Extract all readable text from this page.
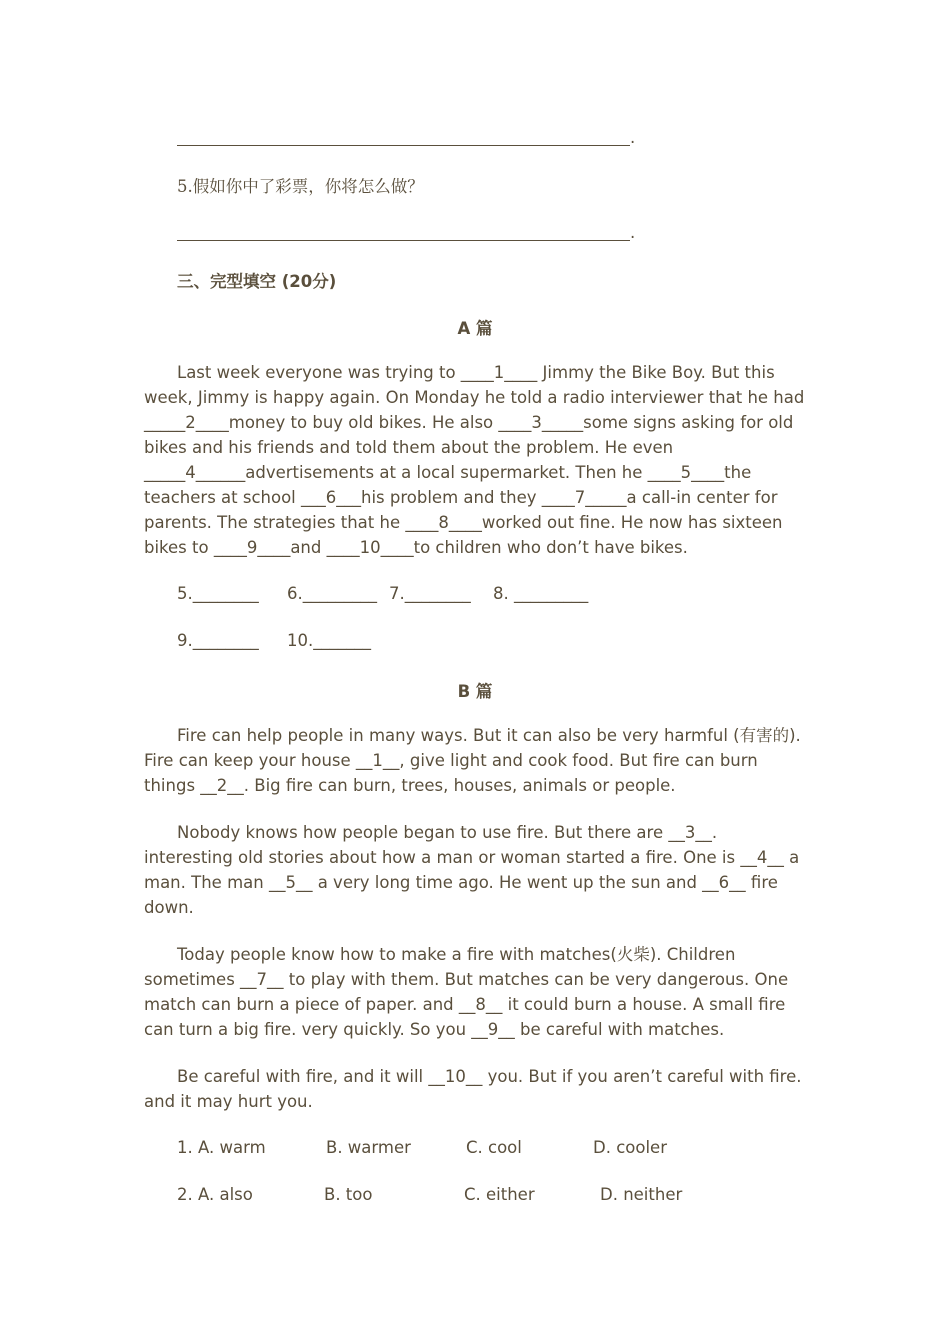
.
5.假如你中了彩票，你将怎么做？
.
三、完型填空 (20分)
A 篇
Last week everyone was trying to ____1____ Jimmy the Bike Boy. But this week, Jimmy is happy again. On Monday he told a radio interviewer that he had _____2____money to buy old bikes. He also ____3_____some signs asking for old bikes and his friends and told them about the problem. He even _____4______advertisements at a local supermarket. Then he ____5____the teachers at school ___6___his problem and they ____7_____a call-in center for parents. The strategies that he ____8____worked out fine. He now has sixteen bikes to ____9____and ____10____to children who don’t have bikes.
5.________ 6._________ 7.________ 8. _________
9.________ 10._______
B 篇
Fire can help people in many ways. But it can also be very harmful (有害的). Fire can keep your house __1__, give light and cook food. But fire can burn things __2__. Big fire can burn, trees, houses, animals or people.
Nobody knows how people began to use fire. But there are __3__. interesting old stories about how a man or woman started a fire. One is __4__ a man. The man __5__ a very long time ago. He went up the sun and __6__ fire down.
Today people know how to make a fire with matches(火柴). Children sometimes __7__ to play with them. But matches can be very dangerous. One match can burn a piece of paper. and __8__ it could burn a house. A small fire can turn a big fire. very quickly. So you __9__ be careful with matches.
Be careful with fire, and it will __10__ you. But if you aren’t careful with fire. and it may hurt you.
1. A. warm	B. warmer	C. cool	D. cooler
2. A. also	B. too	C. either	D. neither
